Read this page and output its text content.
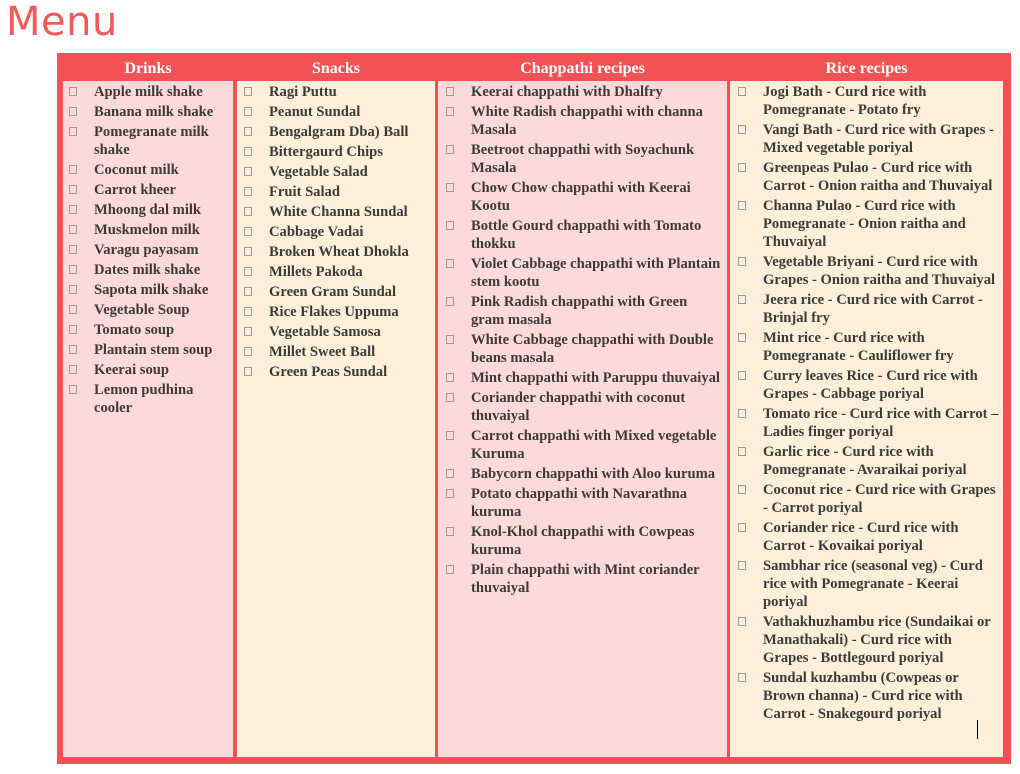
Menu
Drinks
Apple milk shake
Banana milk shake
Pomegranate milk shake
Coconut milk
Carrot kheer
Mhoong dal milk
Muskmelon milk
Varagu payasam
Dates milk shake
Sapota milk shake
Vegetable Soup
Tomato soup
Plantain stem soup
Keerai soup
Lemon pudhina cooler
Snacks
Ragi Puttu
Peanut Sundal
Bengalgram Dba) Ball
Bittergaurd Chips
Vegetable Salad
Fruit Salad
White Channa Sundal
Cabbage Vadai
Broken Wheat Dhokla
Millets Pakoda
Green Gram Sundal
Rice Flakes Uppuma
Vegetable Samosa
Millet Sweet Ball
Green Peas Sundal
Chappathi recipes
Keerai chappathi with Dhalfry
White Radish chappathi with channa Masala
Beetroot chappathi with Soyachunk Masala
Chow Chow chappathi with Keerai Kootu
Bottle Gourd chappathi with Tomato thokku
Violet Cabbage chappathi with Plantain stem kootu
Pink Radish chappathi with Green gram masala
White Cabbage chappathi with Double beans masala
Mint chappathi with Paruppu thuvaiyal
Coriander chappathi with coconut thuvaiyal
Carrot chappathi with Mixed vegetable Kuruma
Babycorn chappathi with Aloo kuruma
Potato chappathi with Navarathna kuruma
Knol-Khol chappathi with Cowpeas kuruma
Plain chappathi with Mint coriander thuvaiyal
Rice recipes
Jogi Bath - Curd rice with Pomegranate - Potato fry
Vangi Bath - Curd rice with Grapes - Mixed vegetable poriyal
Greenpeas Pulao - Curd rice with Carrot - Onion raitha and Thuvaiyal
Channa Pulao - Curd rice with Pomegranate - Onion raitha and Thuvaiyal
Vegetable Briyani - Curd rice with Grapes - Onion raitha and Thuvaiyal
Jeera rice - Curd rice with Carrot - Brinjal fry
Mint rice - Curd rice with Pomegranate - Cauliflower fry
Curry leaves Rice - Curd rice with Grapes - Cabbage poriyal
Tomato rice - Curd rice with Carrot – Ladies finger poriyal
Garlic rice - Curd rice with Pomegranate - Avaraikai poriyal
Coconut rice - Curd rice with Grapes - Carrot poriyal
Coriander rice - Curd rice with Carrot - Kovaikai poriyal
Sambhar rice (seasonal veg) - Curd rice with Pomegranate - Keerai poriyal
Vathakhuzhambu rice (Sundaikai or Manathakali) - Curd rice with Grapes - Bottlegourd poriyal
Sundal kuzhambu (Cowpeas or Brown channa) - Curd rice with Carrot - Snakegourd poriyal
